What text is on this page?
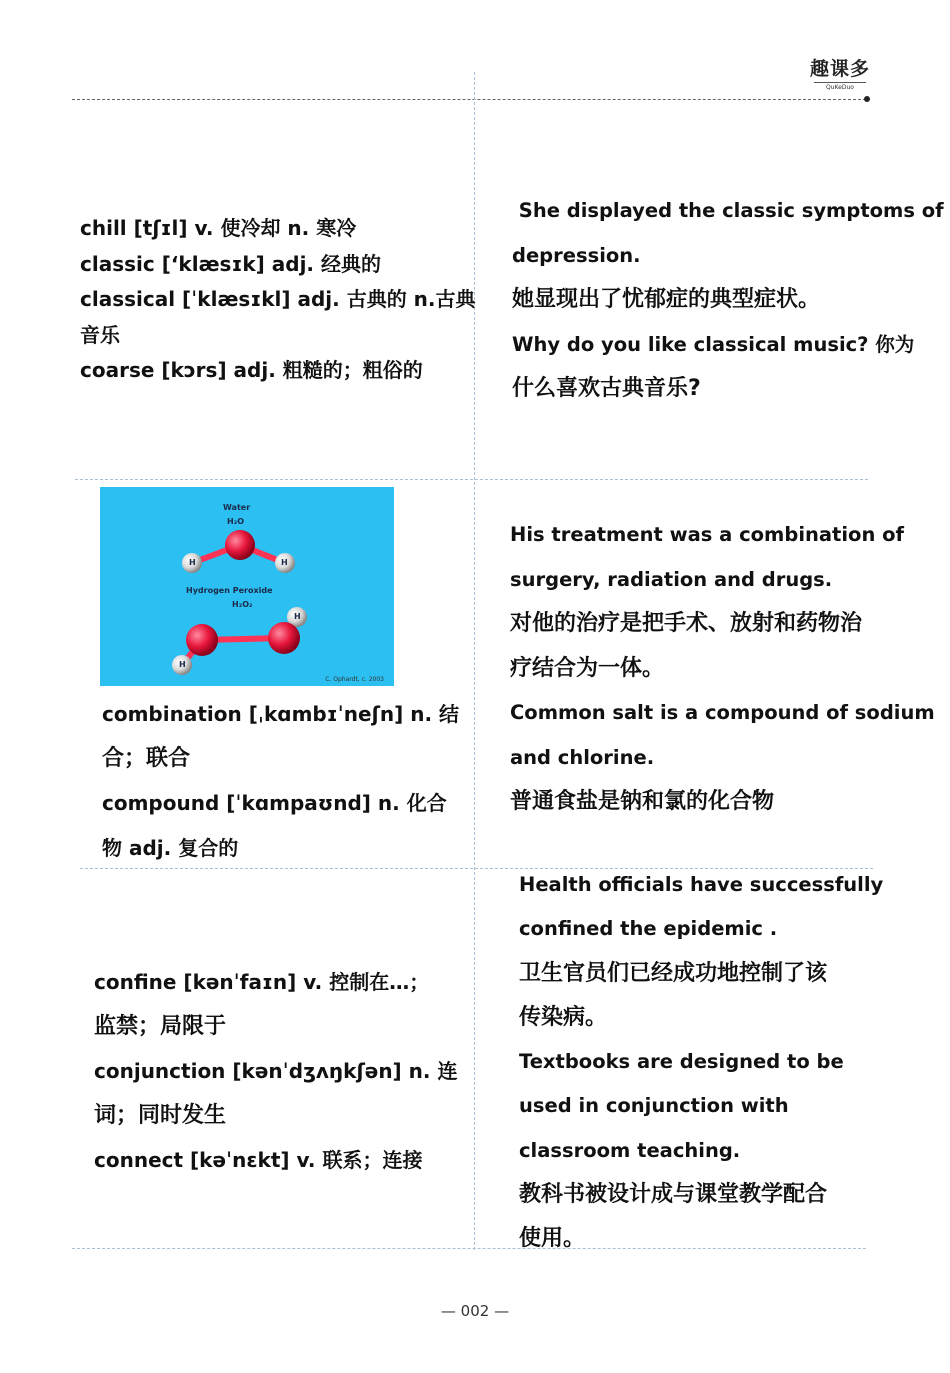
趣课多
QuKeDuo

chill [tʃɪl] v. 使冷却 n. 寒冷

classic [‘klæsɪk] adj. 经典的

classical [ˈklæsɪkl] adj. 古典的 n.古典

音乐

coarse [kɔrs] adj. 粗糙的；粗俗的

She displayed the classic symptoms of

depression.

她显现出了忧郁症的典型症状。

Why do you like classical music? 你为

什么喜欢古典音乐?

Water
H₂O
Hydrogen Peroxide
H₂O₂
H	H
H
H
C. Ophardt, c. 2003

combination [ˌkɑmbɪˈneʃn] n. 结

合；联合

compound [ˈkɑmpaʊnd] n. 化合

物 adj. 复合的

His treatment was a combination of

surgery, radiation and drugs.

对他的治疗是把手术、放射和药物治

疗结合为一体。

Common salt is a compound of sodium

and chlorine.

普通食盐是钠和氯的化合物

confine [kənˈfaɪn] v. 控制在…；

监禁；局限于

conjunction [kənˈdʒʌŋkʃən] n. 连

词；同时发生

connect [kəˈnɛkt] v. 联系；连接

Health officials have successfully

confined the epidemic .

卫生官员们已经成功地控制了该

传染病。

Textbooks are designed to be

used in conjunction with

classroom teaching.

教科书被设计成与课堂教学配合

使用。

— 002 —
